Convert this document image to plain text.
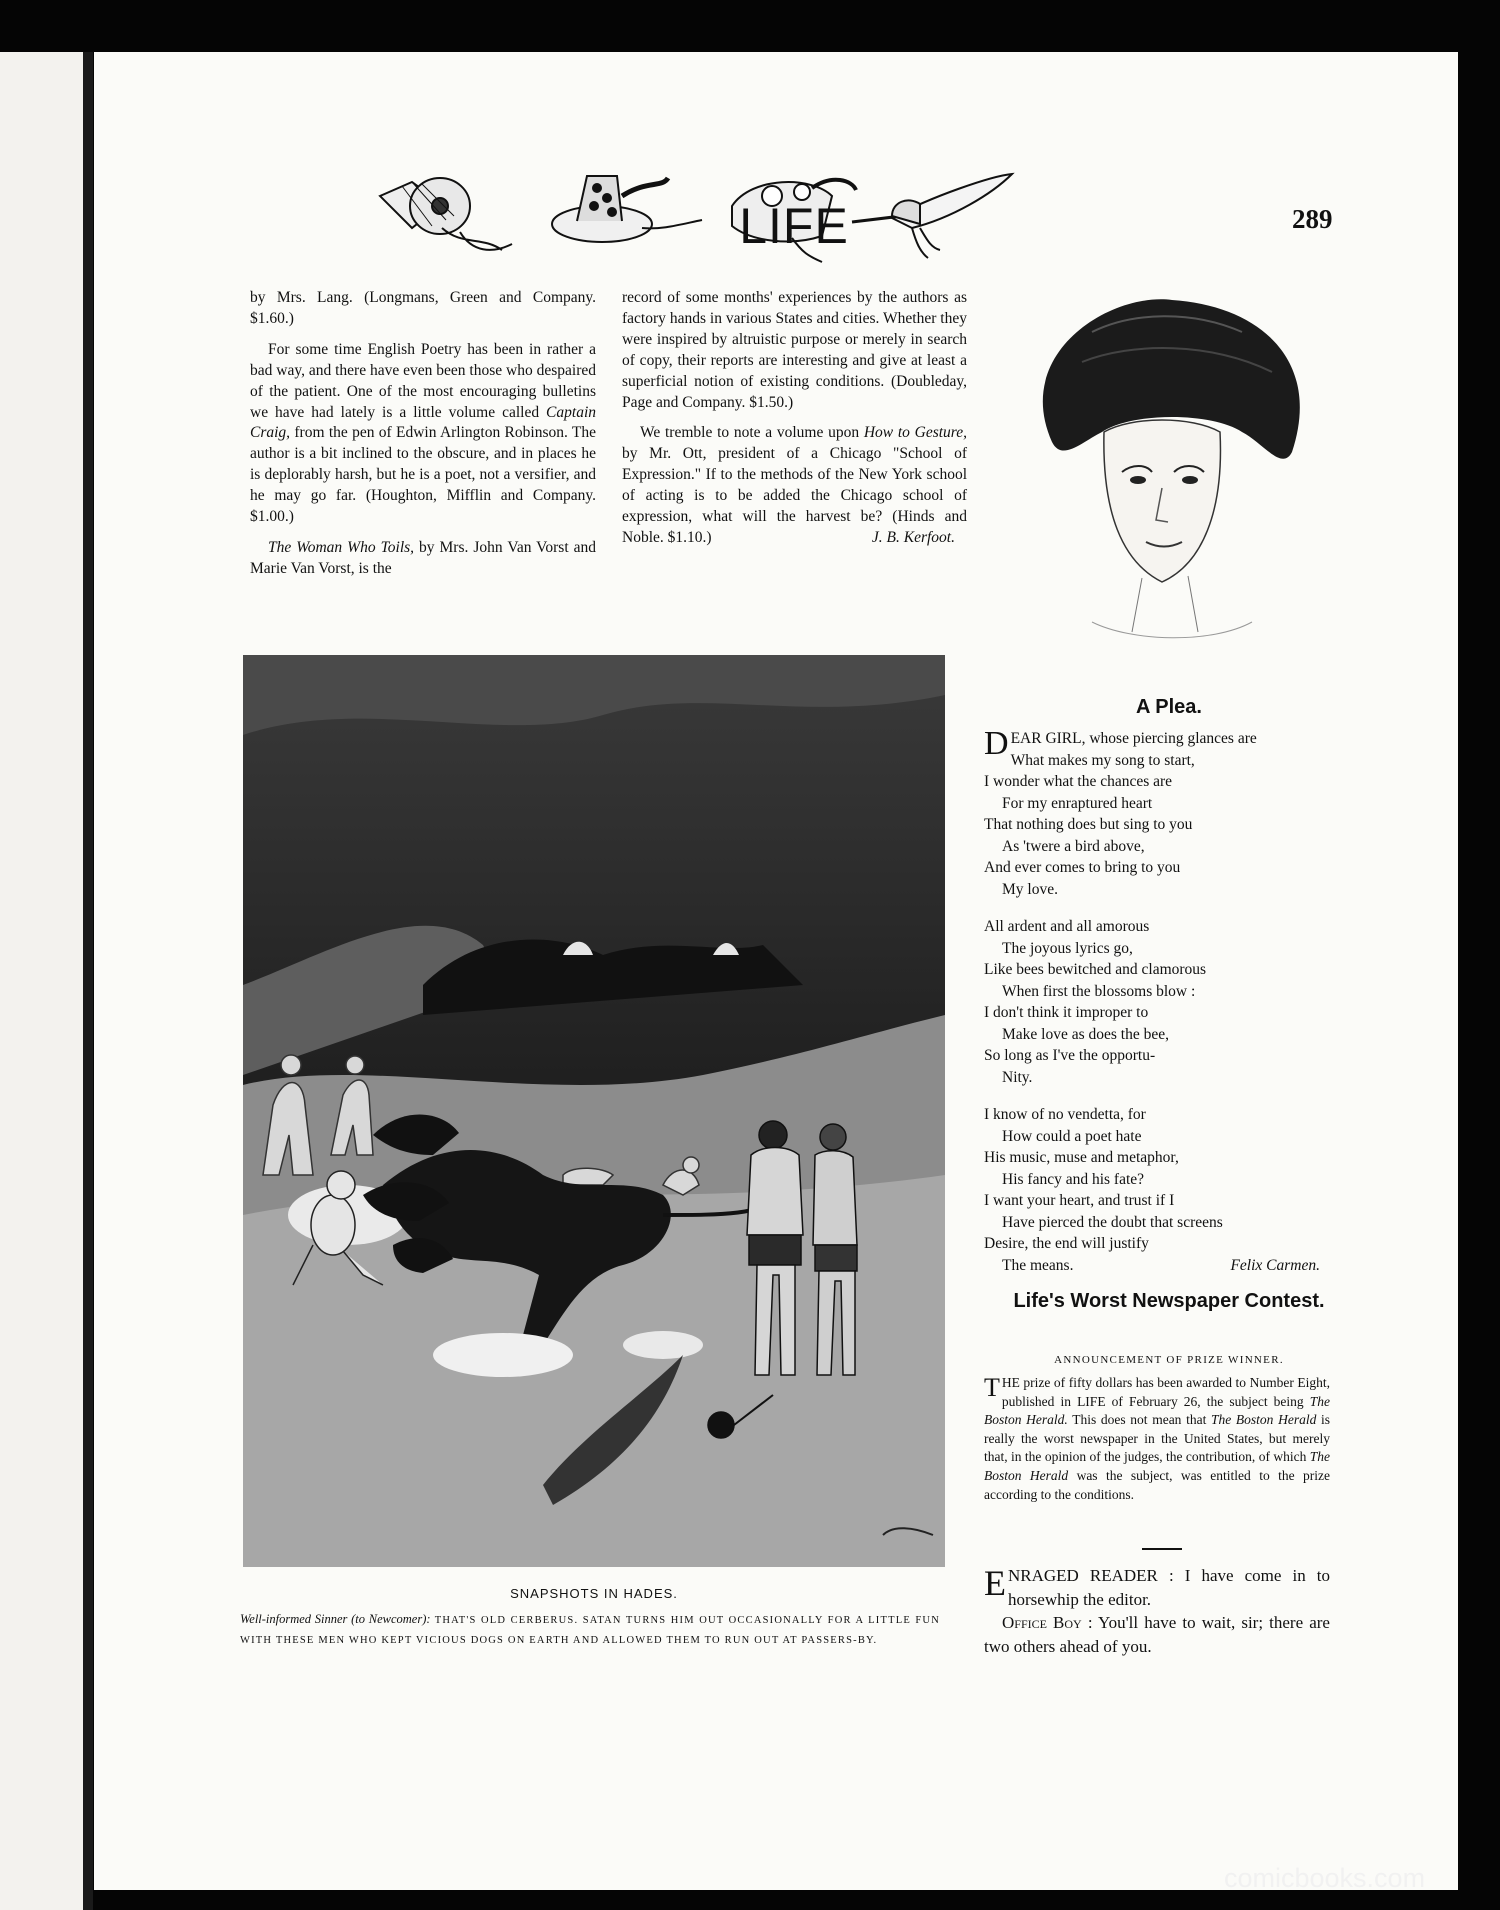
LIFE	289

by Mrs. Lang. (Longmans, Green and Company. $1.60.)

For some time English Poetry has been in rather a bad way, and there have even been those who despaired of the patient. One of the most encouraging bulletins we have had lately is a little volume called Captain Craig, from the pen of Edwin Arlington Robinson. The author is a bit inclined to the obscure, and in places he is deplorably harsh, but he is a poet, not a versifier, and he may go far. (Houghton, Mifflin and Company. $1.00.)

The Woman Who Toils, by Mrs. John Van Vorst and Marie Van Vorst, is the

record of some months' experiences by the authors as factory hands in various States and cities. Whether they were inspired by altruistic purpose or merely in search of copy, their reports are interesting and give at least a superficial notion of existing conditions. (Doubleday, Page and Company. $1.50.)

We tremble to note a volume upon How to Gesture, by Mr. Ott, president of a Chicago "School of Expression." If to the methods of the New York school of acting is to be added the Chicago school of expression, what will the harvest be? (Hinds and Noble. $1.10.)	J. B. Kerfoot.

SNAPSHOTS IN HADES.
Well-informed Sinner (to Newcomer): THAT'S OLD CERBERUS. SATAN TURNS HIM OUT OCCASIONALLY FOR A LITTLE FUN WITH THESE MEN WHO KEPT VICIOUS DOGS ON EARTH AND ALLOWED THEM TO RUN OUT AT PASSERS-BY.
A Plea.
D EAR GIRL, whose piercing glances are
What makes my song to start,
I wonder what the chances are
For my enraptured heart
That nothing does but sing to you
As 'twere a bird above,
And ever comes to bring to you
My love.
All ardent and all amorous
The joyous lyrics go,
Like bees bewitched and clamorous
When first the blossoms blow :
I don't think it improper to
Make love as does the bee,
So long as I've the opportu-
Nity.
I know of no vendetta, for
How could a poet hate
His music, muse and metaphor,
His fancy and his fate?
I want your heart, and trust if I
Have pierced the doubt that screens
Desire, the end will justify
The means.	Felix Carmen.
Life's Worst Newspaper Contest.
ANNOUNCEMENT OF PRIZE WINNER.
THE prize of fifty dollars has been awarded to Number Eight, published in LIFE of February 26, the subject being The Boston Herald. This does not mean that The Boston Herald is really the worst newspaper in the United States, but merely that, in the opinion of the judges, the contribution, of which The Boston Herald was the subject, was entitled to the prize according to the conditions.

ENRAGED READER : I have come in to horsewhip the editor.

Office Boy : You'll have to wait, sir; there are two others ahead of you.

comicbooks.com
